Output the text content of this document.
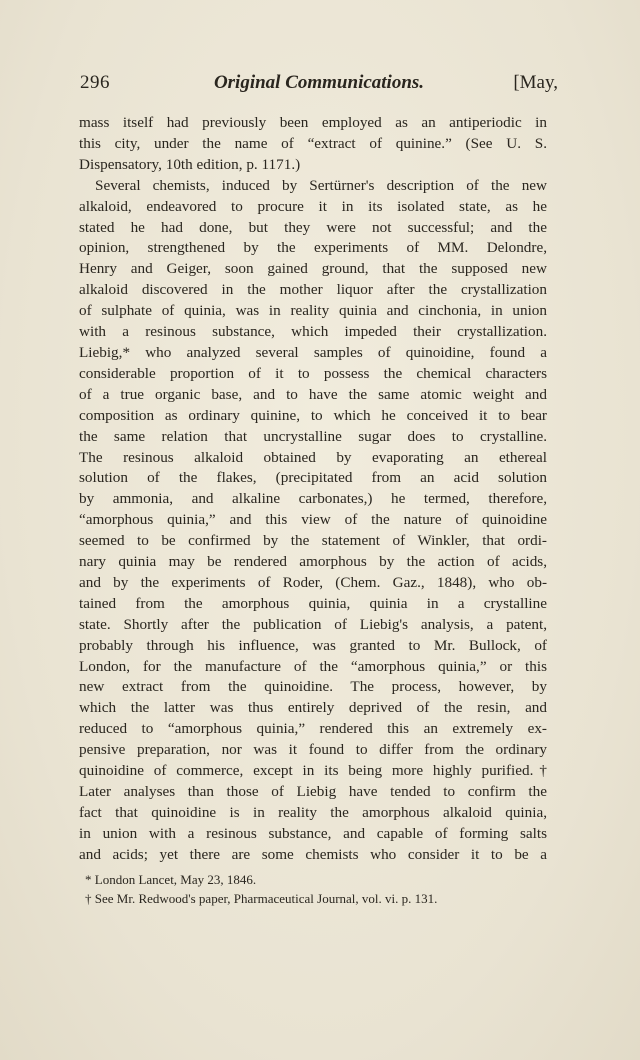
296	Original Communications.	[May,
mass itself had previously been employed as an antiperiodic in
this city, under the name of “extract of quinine.” (See U. S.
Dispensatory, 10th edition, p. 1171.)
Several chemists, induced by Sertürner's description of the new
alkaloid, endeavored to procure it in its isolated state, as he
stated he had done, but they were not successful; and the
opinion, strengthened by the experiments of MM. Delondre,
Henry and Geiger, soon gained ground, that the supposed new
alkaloid discovered in the mother liquor after the crystallization
of sulphate of quinia, was in reality quinia and cinchonia, in union
with a resinous substance, which impeded their crystallization.
Liebig,* who analyzed several samples of quinoidine, found a
considerable proportion of it to possess the chemical characters
of a true organic base, and to have the same atomic weight and
composition as ordinary quinine, to which he conceived it to bear
the same relation that uncrystalline sugar does to crystalline.
The resinous alkaloid obtained by evaporating an ethereal
solution of the flakes, (precipitated from an acid solution
by ammonia, and alkaline carbonates,) he termed, therefore,
“amorphous quinia,” and this view of the nature of quinoidine
seemed to be confirmed by the statement of Winkler, that ordi-
nary quinia may be rendered amorphous by the action of acids,
and by the experiments of Roder, (Chem. Gaz., 1848), who ob-
tained from the amorphous quinia, quinia in a crystalline
state. Shortly after the publication of Liebig's analysis, a patent,
probably through his influence, was granted to Mr. Bullock, of
London, for the manufacture of the “amorphous quinia,” or this
new extract from the quinoidine. The process, however, by
which the latter was thus entirely deprived of the resin, and
reduced to “amorphous quinia,” rendered this an extremely ex-
pensive preparation, nor was it found to differ from the ordinary
quinoidine of commerce, except in its being more highly purified.†
Later analyses than those of Liebig have tended to confirm the
fact that quinoidine is in reality the amorphous alkaloid quinia,
in union with a resinous substance, and capable of forming salts
and acids; yet there are some chemists who consider it to be a
* London Lancet, May 23, 1846.
† See Mr. Redwood's paper, Pharmaceutical Journal, vol. vi. p. 131.
